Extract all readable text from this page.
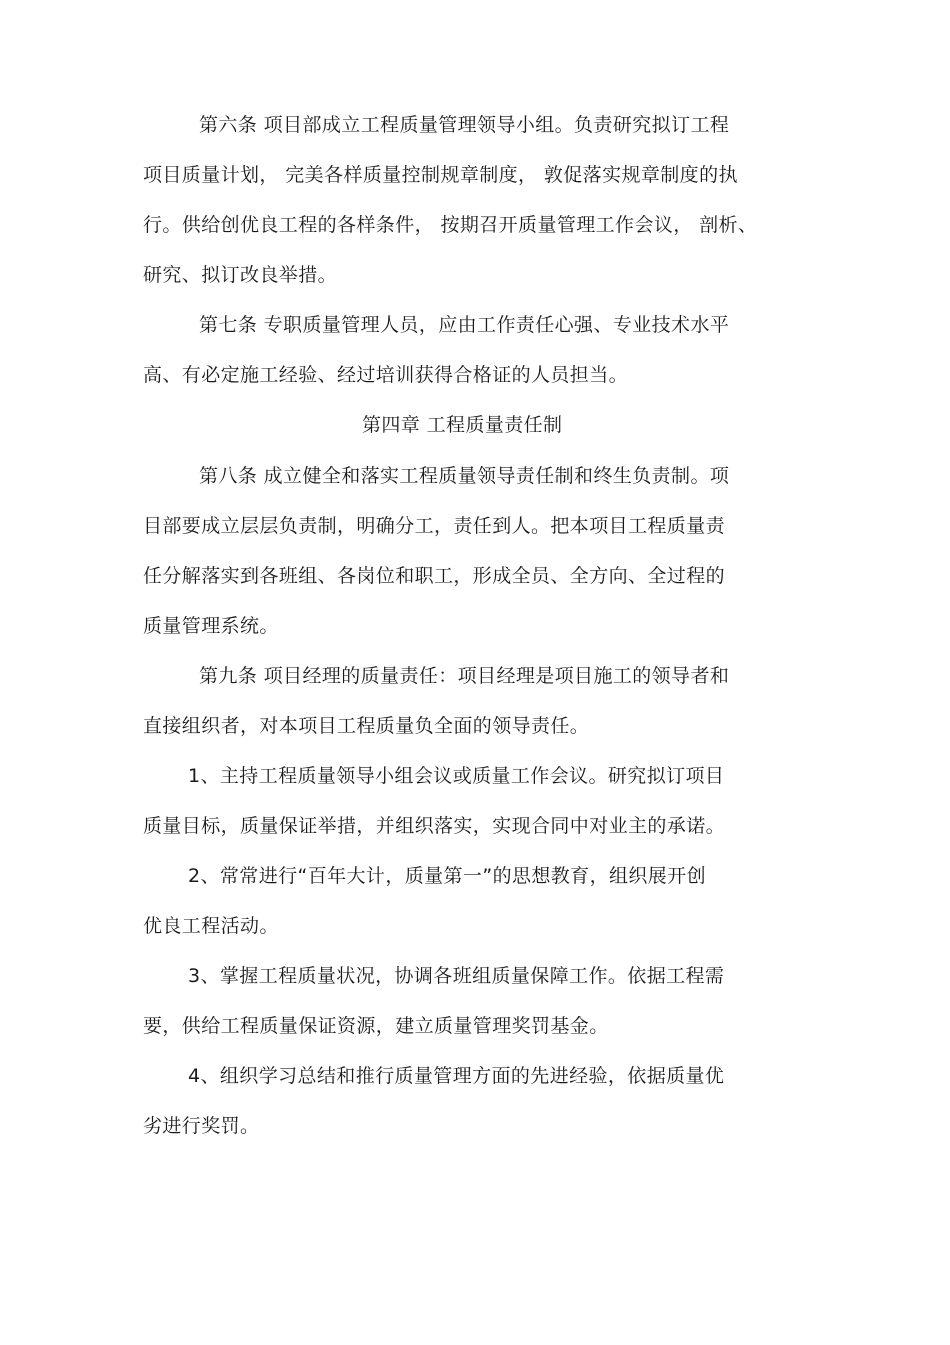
第六条 项目部成立工程质量管理领导小组。负责研究拟订工程
项目质量计划， 完美各样质量控制规章制度， 敦促落实规章制度的执
行。供给创优良工程的各样条件， 按期召开质量管理工作会议， 剖析、
研究、拟订改良举措。
第七条 专职质量管理人员，应由工作责任心强、专业技术水平
高、有必定施工经验、经过培训获得合格证的人员担当。
第四章 工程质量责任制
第八条 成立健全和落实工程质量领导责任制和终生负责制。项
目部要成立层层负责制，明确分工，责任到人。把本项目工程质量责
任分解落实到各班组、各岗位和职工，形成全员、全方向、全过程的
质量管理系统。
第九条 项目经理的质量责任：项目经理是项目施工的领导者和
直接组织者，对本项目工程质量负全面的领导责任。
1、主持工程质量领导小组会议或质量工作会议。研究拟订项目
质量目标，质量保证举措，并组织落实，实现合同中对业主的承诺。
2、常常进行“百年大计，质量第一”的思想教育，组织展开创
优良工程活动。
3、掌握工程质量状况，协调各班组质量保障工作。依据工程需
要，供给工程质量保证资源，建立质量管理奖罚基金。
4、组织学习总结和推行质量管理方面的先进经验，依据质量优
劣进行奖罚。
